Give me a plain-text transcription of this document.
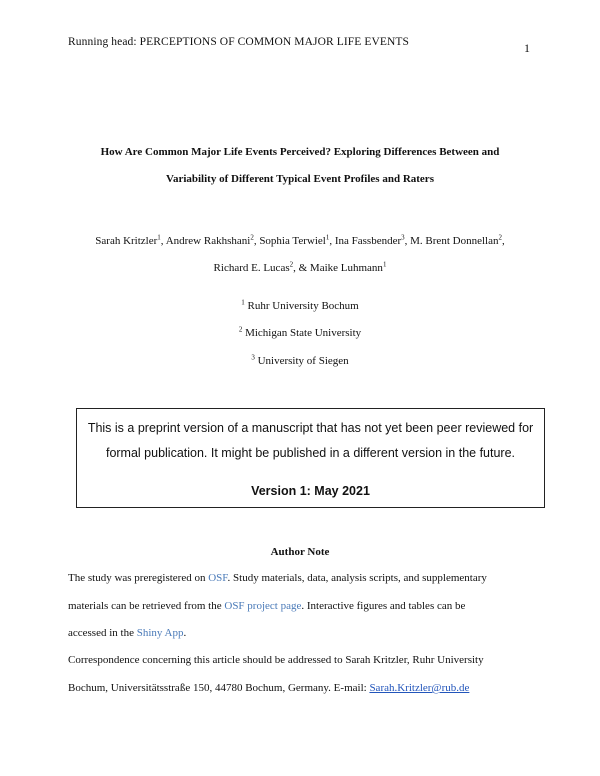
Running head: PERCEPTIONS OF COMMON MAJOR LIFE EVENTS	1
How Are Common Major Life Events Perceived? Exploring Differences Between and
Variability of Different Typical Event Profiles and Raters
Sarah Kritzler$^1$, Andrew Rakhshani$^2$, Sophia Terwiel$^1$, Ina Fassbender$^3$, M. Brent Donnellan$^2$,
Richard E. Lucas$^2$, & Maike Luhmann$^1$
$^1$ Ruhr University Bochum
$^2$ Michigan State University
$^3$ University of Siegen
This is a preprint version of a manuscript that has not yet been peer reviewed for
formal publication. It might be published in a different version in the future.
Version 1: May 2021
Author Note
The study was preregistered on OSF. Study materials, data, analysis scripts, and supplementary
materials can be retrieved from the OSF project page. Interactive figures and tables can be
accessed in the Shiny App.
Correspondence concerning this article should be addressed to Sarah Kritzler, Ruhr University
Bochum, Universitätsstraße 150, 44780 Bochum, Germany. E-mail: Sarah.Kritzler@rub.de
